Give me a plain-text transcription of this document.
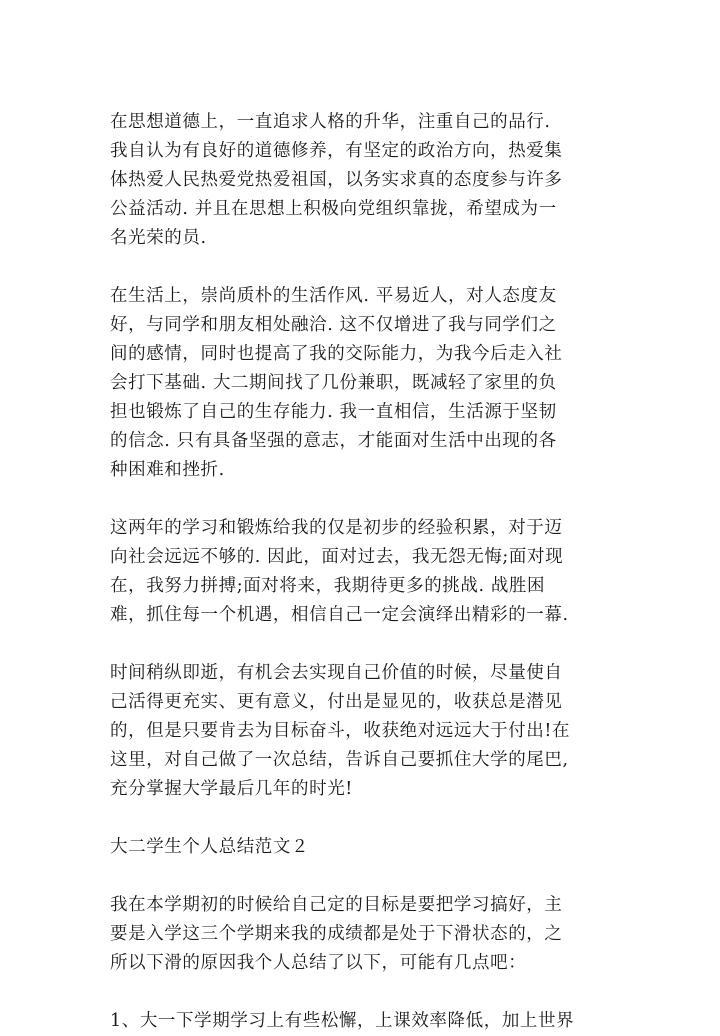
在思想道德上，一直追求人格的升华，注重自己的品行.
我自认为有良好的道德修养，有坚定的政治方向，热爱集
体热爱人民热爱党热爱祖国，以务实求真的态度参与许多
公益活动. 并且在思想上积极向党组织靠拢，希望成为一
名光荣的员.
在生活上，崇尚质朴的生活作风. 平易近人，对人态度友
好，与同学和朋友相处融洽. 这不仅增进了我与同学们之
间的感情，同时也提高了我的交际能力，为我今后走入社
会打下基础. 大二期间找了几份兼职，既减轻了家里的负
担也锻炼了自己的生存能力. 我一直相信，生活源于坚韧
的信念. 只有具备坚强的意志，才能面对生活中出现的各
种困难和挫折.
这两年的学习和锻炼给我的仅是初步的经验积累，对于迈
向社会远远不够的. 因此，面对过去，我无怨无悔;面对现
在，我努力拼搏;面对将来，我期待更多的挑战. 战胜困
难，抓住每一个机遇，相信自己一定会演绎出精彩的一幕.
时间稍纵即逝，有机会去实现自己价值的时候，尽量使自
己活得更充实、更有意义，付出是显见的，收获总是潜见
的，但是只要肯去为目标奋斗，收获绝对远远大于付出!在
这里，对自己做了一次总结，告诉自己要抓住大学的尾巴,
充分掌握大学最后几年的时光!
大二学生个人总结范文２
我在本学期初的时候给自己定的目标是要把学习搞好，主
要是入学这三个学期来我的成绩都是处于下滑状态的，之
所以下滑的原因我个人总结了以下，可能有几点吧：
1、大一下学期学习上有些松懈，上课效率降低，加上世界
